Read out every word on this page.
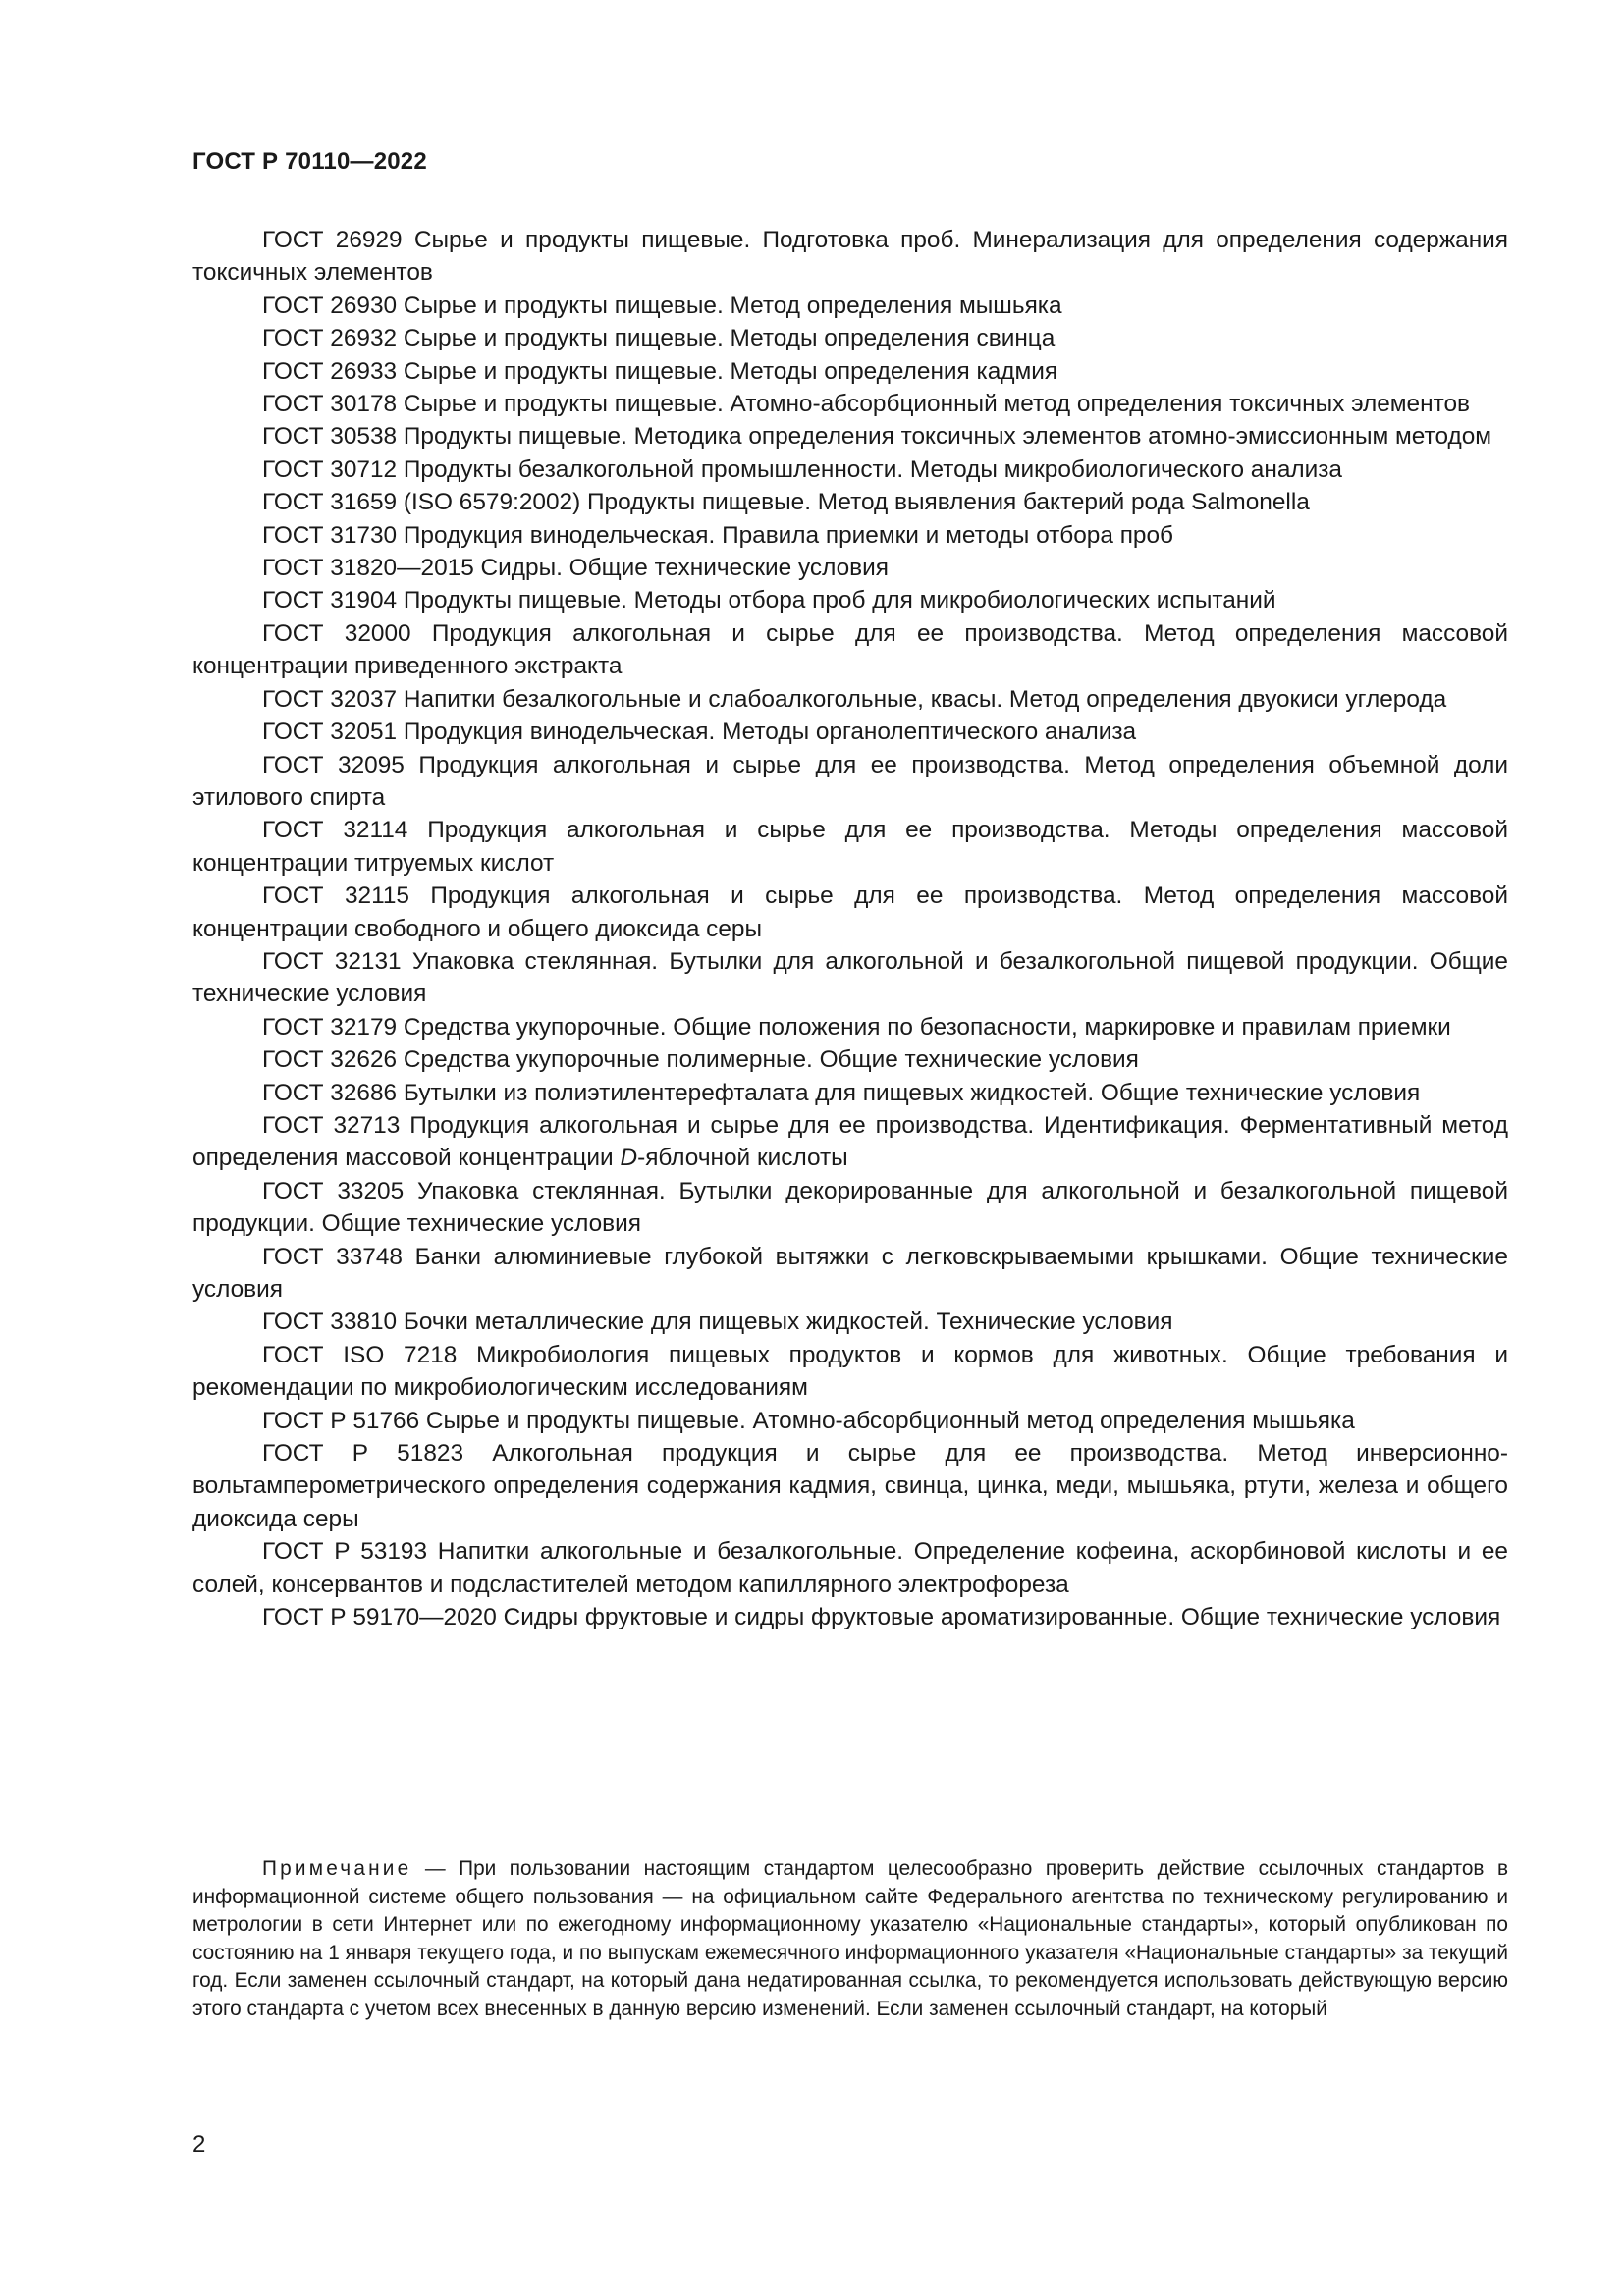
ГОСТ Р 70110—2022

ГОСТ 26929 Сырье и продукты пищевые. Подготовка проб. Минерализация для определения содержания токсичных элементов

ГОСТ 26930 Сырье и продукты пищевые. Метод определения мышьяка

ГОСТ 26932 Сырье и продукты пищевые. Методы определения свинца

ГОСТ 26933 Сырье и продукты пищевые. Методы определения кадмия

ГОСТ 30178 Сырье и продукты пищевые. Атомно-абсорбционный метод определения токсичных элементов

ГОСТ 30538 Продукты пищевые. Методика определения токсичных элементов атомно-эмиссионным методом

ГОСТ 30712 Продукты безалкогольной промышленности. Методы микробиологического анализа

ГОСТ 31659 (ISO 6579:2002) Продукты пищевые. Метод выявления бактерий рода Salmonella

ГОСТ 31730 Продукция винодельческая. Правила приемки и методы отбора проб

ГОСТ 31820—2015 Сидры. Общие технические условия

ГОСТ 31904 Продукты пищевые. Методы отбора проб для микробиологических испытаний

ГОСТ 32000 Продукция алкогольная и сырье для ее производства. Метод определения массовой концентрации приведенного экстракта

ГОСТ 32037 Напитки безалкогольные и слабоалкогольные, квасы. Метод определения двуокиси углерода

ГОСТ 32051 Продукция винодельческая. Методы органолептического анализа

ГОСТ 32095 Продукция алкогольная и сырье для ее производства. Метод определения объемной доли этилового спирта

ГОСТ 32114 Продукция алкогольная и сырье для ее производства. Методы определения массовой концентрации титруемых кислот

ГОСТ 32115 Продукция алкогольная и сырье для ее производства. Метод определения массовой концентрации свободного и общего диоксида серы

ГОСТ 32131 Упаковка стеклянная. Бутылки для алкогольной и безалкогольной пищевой продукции. Общие технические условия

ГОСТ 32179 Средства укупорочные. Общие положения по безопасности, маркировке и правилам приемки

ГОСТ 32626 Средства укупорочные полимерные. Общие технические условия

ГОСТ 32686 Бутылки из полиэтилентерефталата для пищевых жидкостей. Общие технические условия

ГОСТ 32713 Продукция алкогольная и сырье для ее производства. Идентификация. Ферментативный метод определения массовой концентрации D-яблочной кислоты

ГОСТ 33205 Упаковка стеклянная. Бутылки декорированные для алкогольной и безалкогольной пищевой продукции. Общие технические условия

ГОСТ 33748 Банки алюминиевые глубокой вытяжки с легковскрываемыми крышками. Общие технические условия

ГОСТ 33810 Бочки металлические для пищевых жидкостей. Технические условия

ГОСТ ISO 7218 Микробиология пищевых продуктов и кормов для животных. Общие требования и рекомендации по микробиологическим исследованиям

ГОСТ Р 51766 Сырье и продукты пищевые. Атомно-абсорбционный метод определения мышьяка

ГОСТ Р 51823 Алкогольная продукция и сырье для ее производства. Метод инверсионно-вольтамперометрического определения содержания кадмия, свинца, цинка, меди, мышьяка, ртути, железа и общего диоксида серы

ГОСТ Р 53193 Напитки алкогольные и безалкогольные. Определение кофеина, аскорбиновой кислоты и ее солей, консервантов и подсластителей методом капиллярного электрофореза

ГОСТ Р 59170—2020 Сидры фруктовые и сидры фруктовые ароматизированные. Общие технические условия

Примечание — При пользовании настоящим стандартом целесообразно проверить действие ссылочных стандартов в информационной системе общего пользования — на официальном сайте Федерального агентства по техническому регулированию и метрологии в сети Интернет или по ежегодному информационному указателю «Национальные стандарты», который опубликован по состоянию на 1 января текущего года, и по выпускам ежемесячного информационного указателя «Национальные стандарты» за текущий год. Если заменен ссылочный стандарт, на который дана недатированная ссылка, то рекомендуется использовать действующую версию этого стандарта с учетом всех внесенных в данную версию изменений. Если заменен ссылочный стандарт, на который

2
